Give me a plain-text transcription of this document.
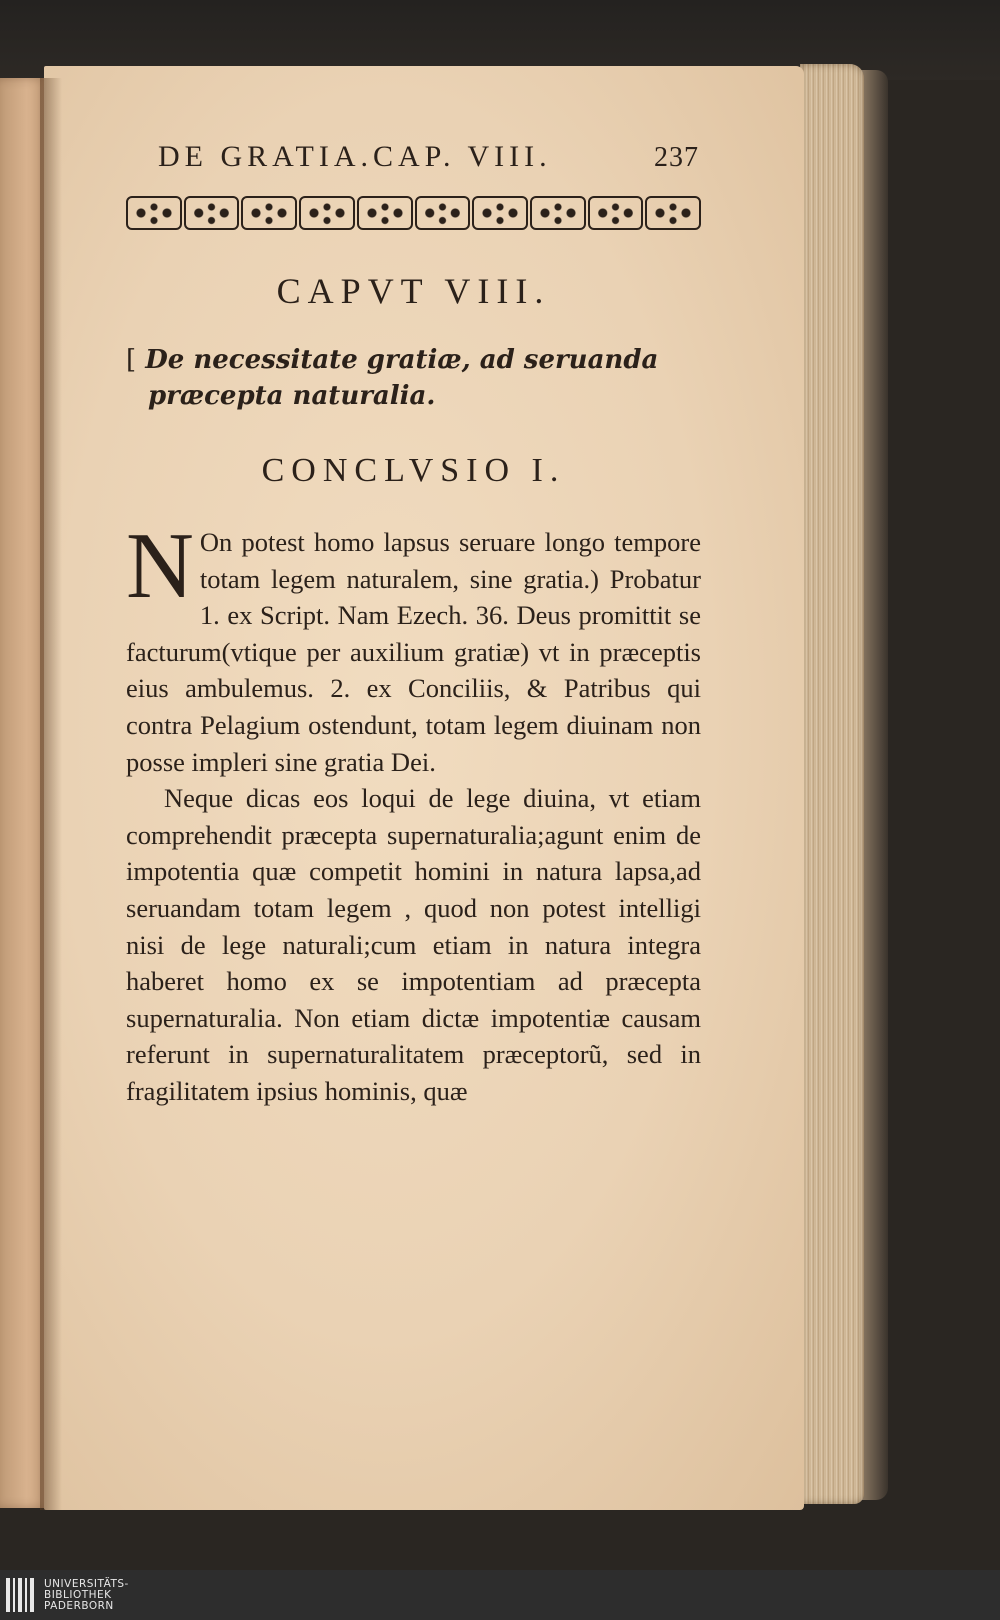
DE GRATIA.CAP. VIII.	237
CAPVT VIII.
[ De necessitate gratiæ, ad seruanda præcepta naturalia.
CONCLVSIO I.

N On potest homo lapsus seruare longo tempore totam legem naturalem, sine gratia.) Probatur 1. ex Script. Nam Ezech. 36. Deus promittit se facturum(vtique per auxilium gratiæ) vt in præceptis eius ambulemus. 2. ex Conciliis, & Patribus qui contra Pelagium ostendunt, totam legem diuinam non posse impleri sine gratia Dei.

Neque dicas eos loqui de lege diuina, vt etiam comprehendit præcepta supernaturalia;agunt enim de impotentia quæ competit homini in natura lapsa,ad seruandam totam legem , quod non potest intelligi nisi de lege naturali;cum etiam in natura integra haberet homo ex se impotentiam ad præcepta supernaturalia. Non etiam dictæ impotentiæ causam referunt in supernaturalitatem præceptorũ, sed in fragilitatem ipsius hominis, quæ

UNIVERSITÄTS-
BIBLIOTHEK
PADERBORN
